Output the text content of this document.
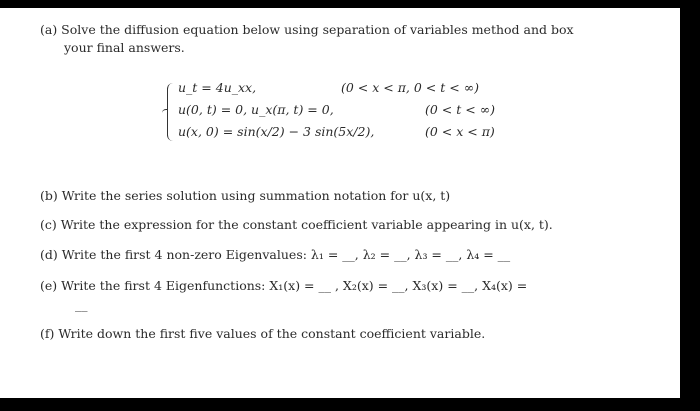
(a) Solve the diffusion equation below using separation of variables method and box
your final answers.
u_t = 4u_xx,	(0 < x < π, 0 < t < ∞)
u(0, t) = 0, u_x(π, t) = 0,	(0 < t < ∞)
u(x, 0) = sin(x/2) − 3 sin(5x/2),	(0 < x < π)
(b) Write the series solution using summation notation for u(x, t)
(c) Write the expression for the constant coefficient variable appearing in u(x, t).
(d) Write the first 4 non-zero Eigenvalues: λ₁ = __, λ₂ = __, λ₃ = __, λ₄ = __
(e) Write the first 4 Eigenfunctions: X₁(x) = __ , X₂(x) = __, X₃(x) = __, X₄(x) =
__
(f) Write down the first five values of the constant coefficient variable.
